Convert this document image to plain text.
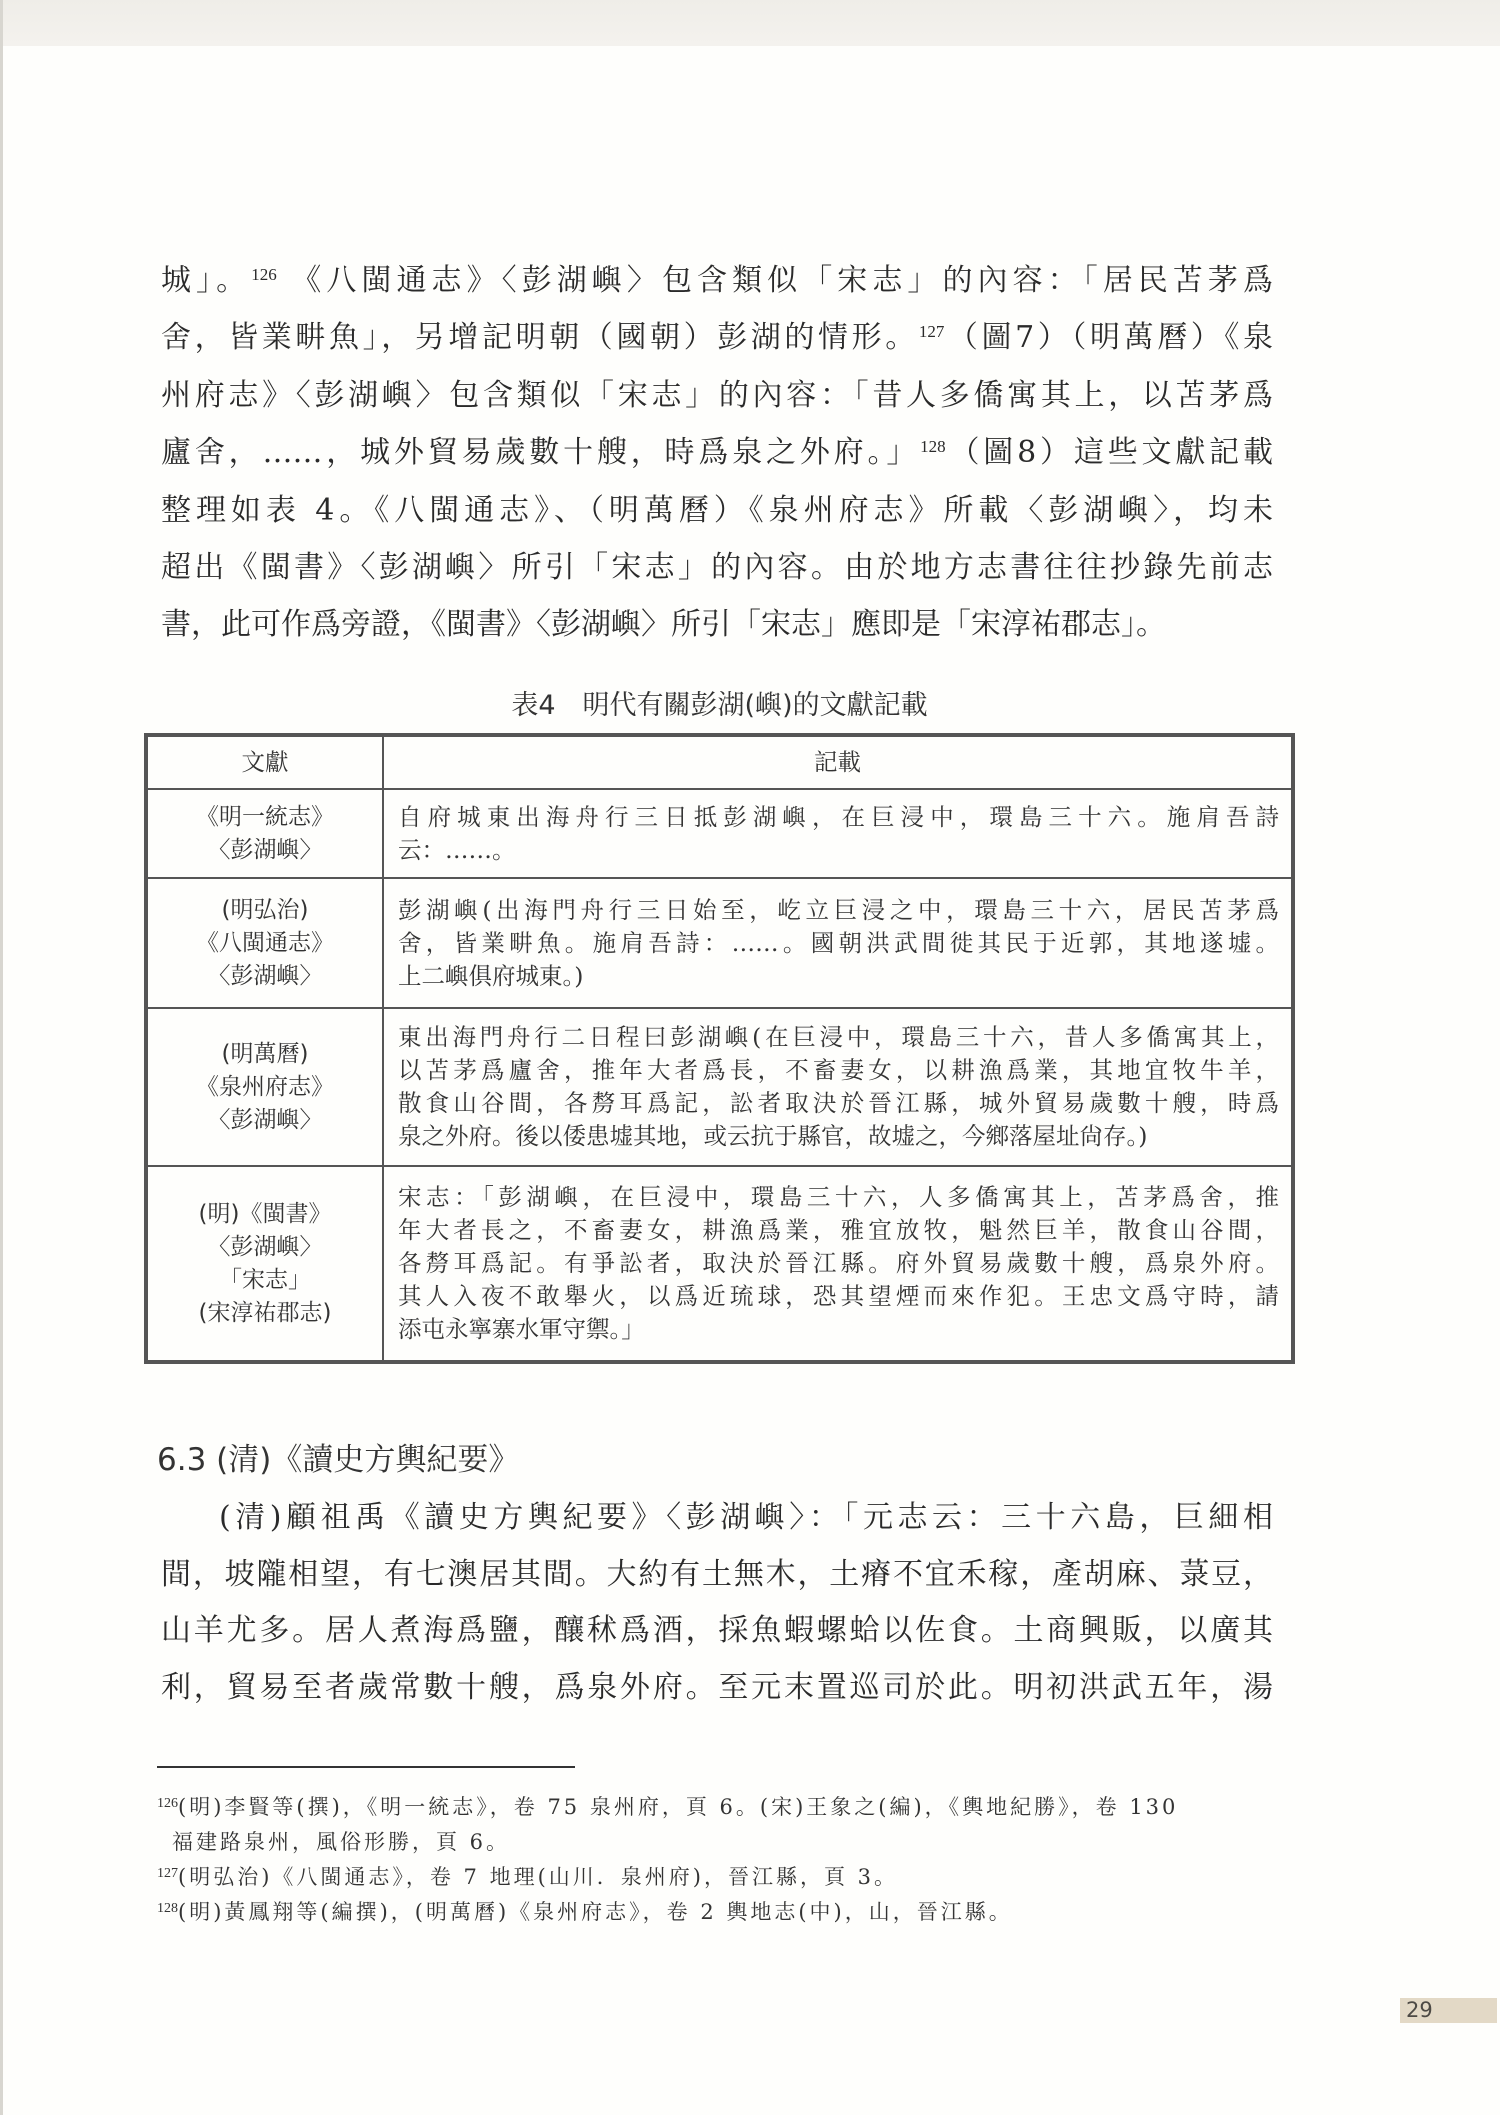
城」。$^{126}$ 《八閩通志》〈彭湖嶼〉包含類似「宋志」的內容：「居民苫茅爲
舍，皆業畊魚」，另增記明朝（國朝）彭湖的情形。$^{127}$（圖7）（明萬曆）《泉
州府志》〈彭湖嶼〉包含類似「宋志」的內容：「昔人多僑寓其上，以苫茅爲
廬舍，……，城外貿易歲數十艘，時爲泉之外府。」$^{128}$（圖8）這些文獻記載
整理如表 4。《八閩通志》、（明萬曆）《泉州府志》所載〈彭湖嶼〉，均未
超出《閩書》〈彭湖嶼〉所引「宋志」的內容。由於地方志書往往抄錄先前志
書，此可作爲旁證，《閩書》〈彭湖嶼〉所引「宋志」應即是「宋淳祐郡志」。
表4　明代有關彭湖(嶼)的文獻記載
文獻	記載

《明一統志》
〈彭湖嶼〉	自府城東出海舟行三日抵彭湖嶼，在巨浸中，環島三十六。施肩吾詩
云：……。

(明弘治)
《八閩通志》
〈彭湖嶼〉	彭湖嶼(出海門舟行三日始至，屹立巨浸之中，環島三十六，居民苫茅爲
舍，皆業畊魚。施肩吾詩：……。國朝洪武間徙其民于近郭，其地遂墟。
上二嶼俱府城東。)

(明萬曆)
《泉州府志》
〈彭湖嶼〉	東出海門舟行二日程曰彭湖嶼(在巨浸中，環島三十六，昔人多僑寓其上，
以苫茅爲廬舍，推年大者爲長，不畜妻女，以耕漁爲業，其地宜牧牛羊，
散食山谷間，各剺耳爲記，訟者取決於晉江縣，城外貿易歲數十艘，時爲
泉之外府。後以倭患墟其地，或云抗于縣官，故墟之，今鄉落屋址尙存。)

(明)《閩書》
〈彭湖嶼〉
「宋志」
(宋淳祐郡志)	宋志：「彭湖嶼，在巨浸中，環島三十六，人多僑寓其上，苫茅爲舍，推
年大者長之，不畜妻女，耕漁爲業，雅宜放牧，魁然巨羊，散食山谷間，
各剺耳爲記。有爭訟者，取決於晉江縣。府外貿易歲數十艘，爲泉外府。
其人入夜不敢舉火，以爲近琉球，恐其望煙而來作犯。王忠文爲守時，請
添屯永寧寨水軍守禦。」
6.3 (清)《讀史方輿紀要》
(清)顧祖禹《讀史方輿紀要》〈彭湖嶼〉：「元志云：三十六島，巨細相
間，坡隴相望，有七澳居其間。大約有土無木，土瘠不宜禾稼，產胡麻、菉豆，
山羊尤多。居人煮海爲鹽，釀秫爲酒，採魚蝦螺蛤以佐食。土商興販，以廣其
利，貿易至者歲常數十艘，爲泉外府。至元末置巡司於此。明初洪武五年，湯
$^{126}$(明)李賢等(撰)，《明一統志》，卷 75 泉州府，頁 6。(宋)王象之(編)，《輿地紀勝》，卷 130
福建路泉州，風俗形勝，頁 6。
$^{127}$(明弘治)《八閩通志》，卷 7 地理(山川．泉州府)，晉江縣，頁 3。
$^{128}$(明)黃鳳翔等(編撰)，(明萬曆)《泉州府志》，卷 2 輿地志(中)，山，晉江縣。
29
